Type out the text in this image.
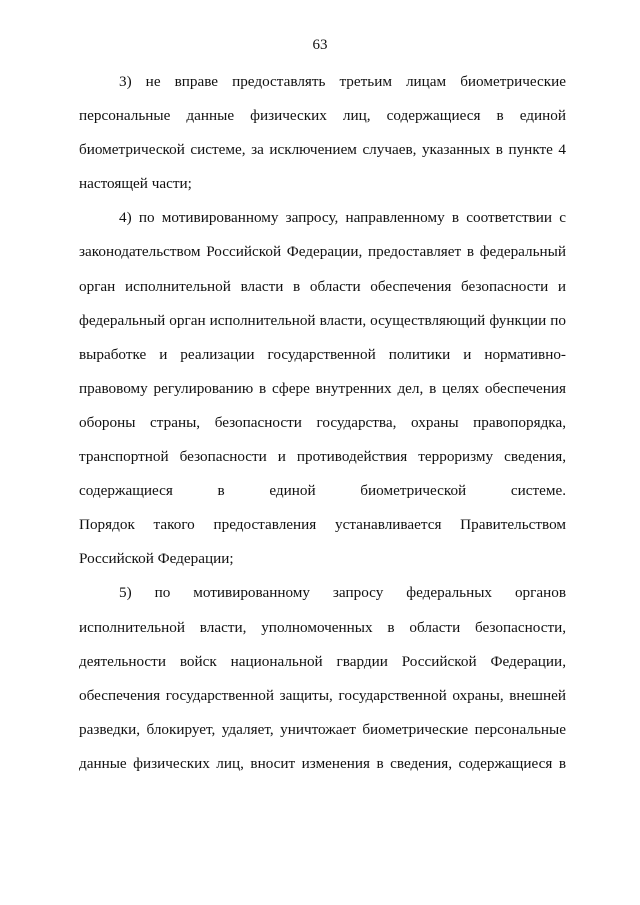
63
3) не вправе предоставлять третьим лицам биометрические
персональные данные физических лиц, содержащиеся в единой
биометрической системе, за исключением случаев, указанных в пункте 4
настоящей части;
4) по мотивированному запросу, направленному в соответствии с
законодательством Российской Федерации, предоставляет в федеральный
орган исполнительной власти в области обеспечения безопасности и
федеральный орган исполнительной власти, осуществляющий функции по
выработке и реализации государственной политики и нормативно-
правовому регулированию в сфере внутренних дел, в целях обеспечения
обороны страны, безопасности государства, охраны правопорядка,
транспортной безопасности и противодействия терроризму сведения,
содержащиеся в единой биометрической системе.
Порядок такого предоставления устанавливается Правительством
Российской Федерации;
5) по мотивированному запросу федеральных органов
исполнительной власти, уполномоченных в области безопасности,
деятельности войск национальной гвардии Российской Федерации,
обеспечения государственной защиты, государственной охраны, внешней
разведки, блокирует, удаляет, уничтожает биометрические персональные
данные физических лиц, вносит изменения в сведения, содержащиеся в
